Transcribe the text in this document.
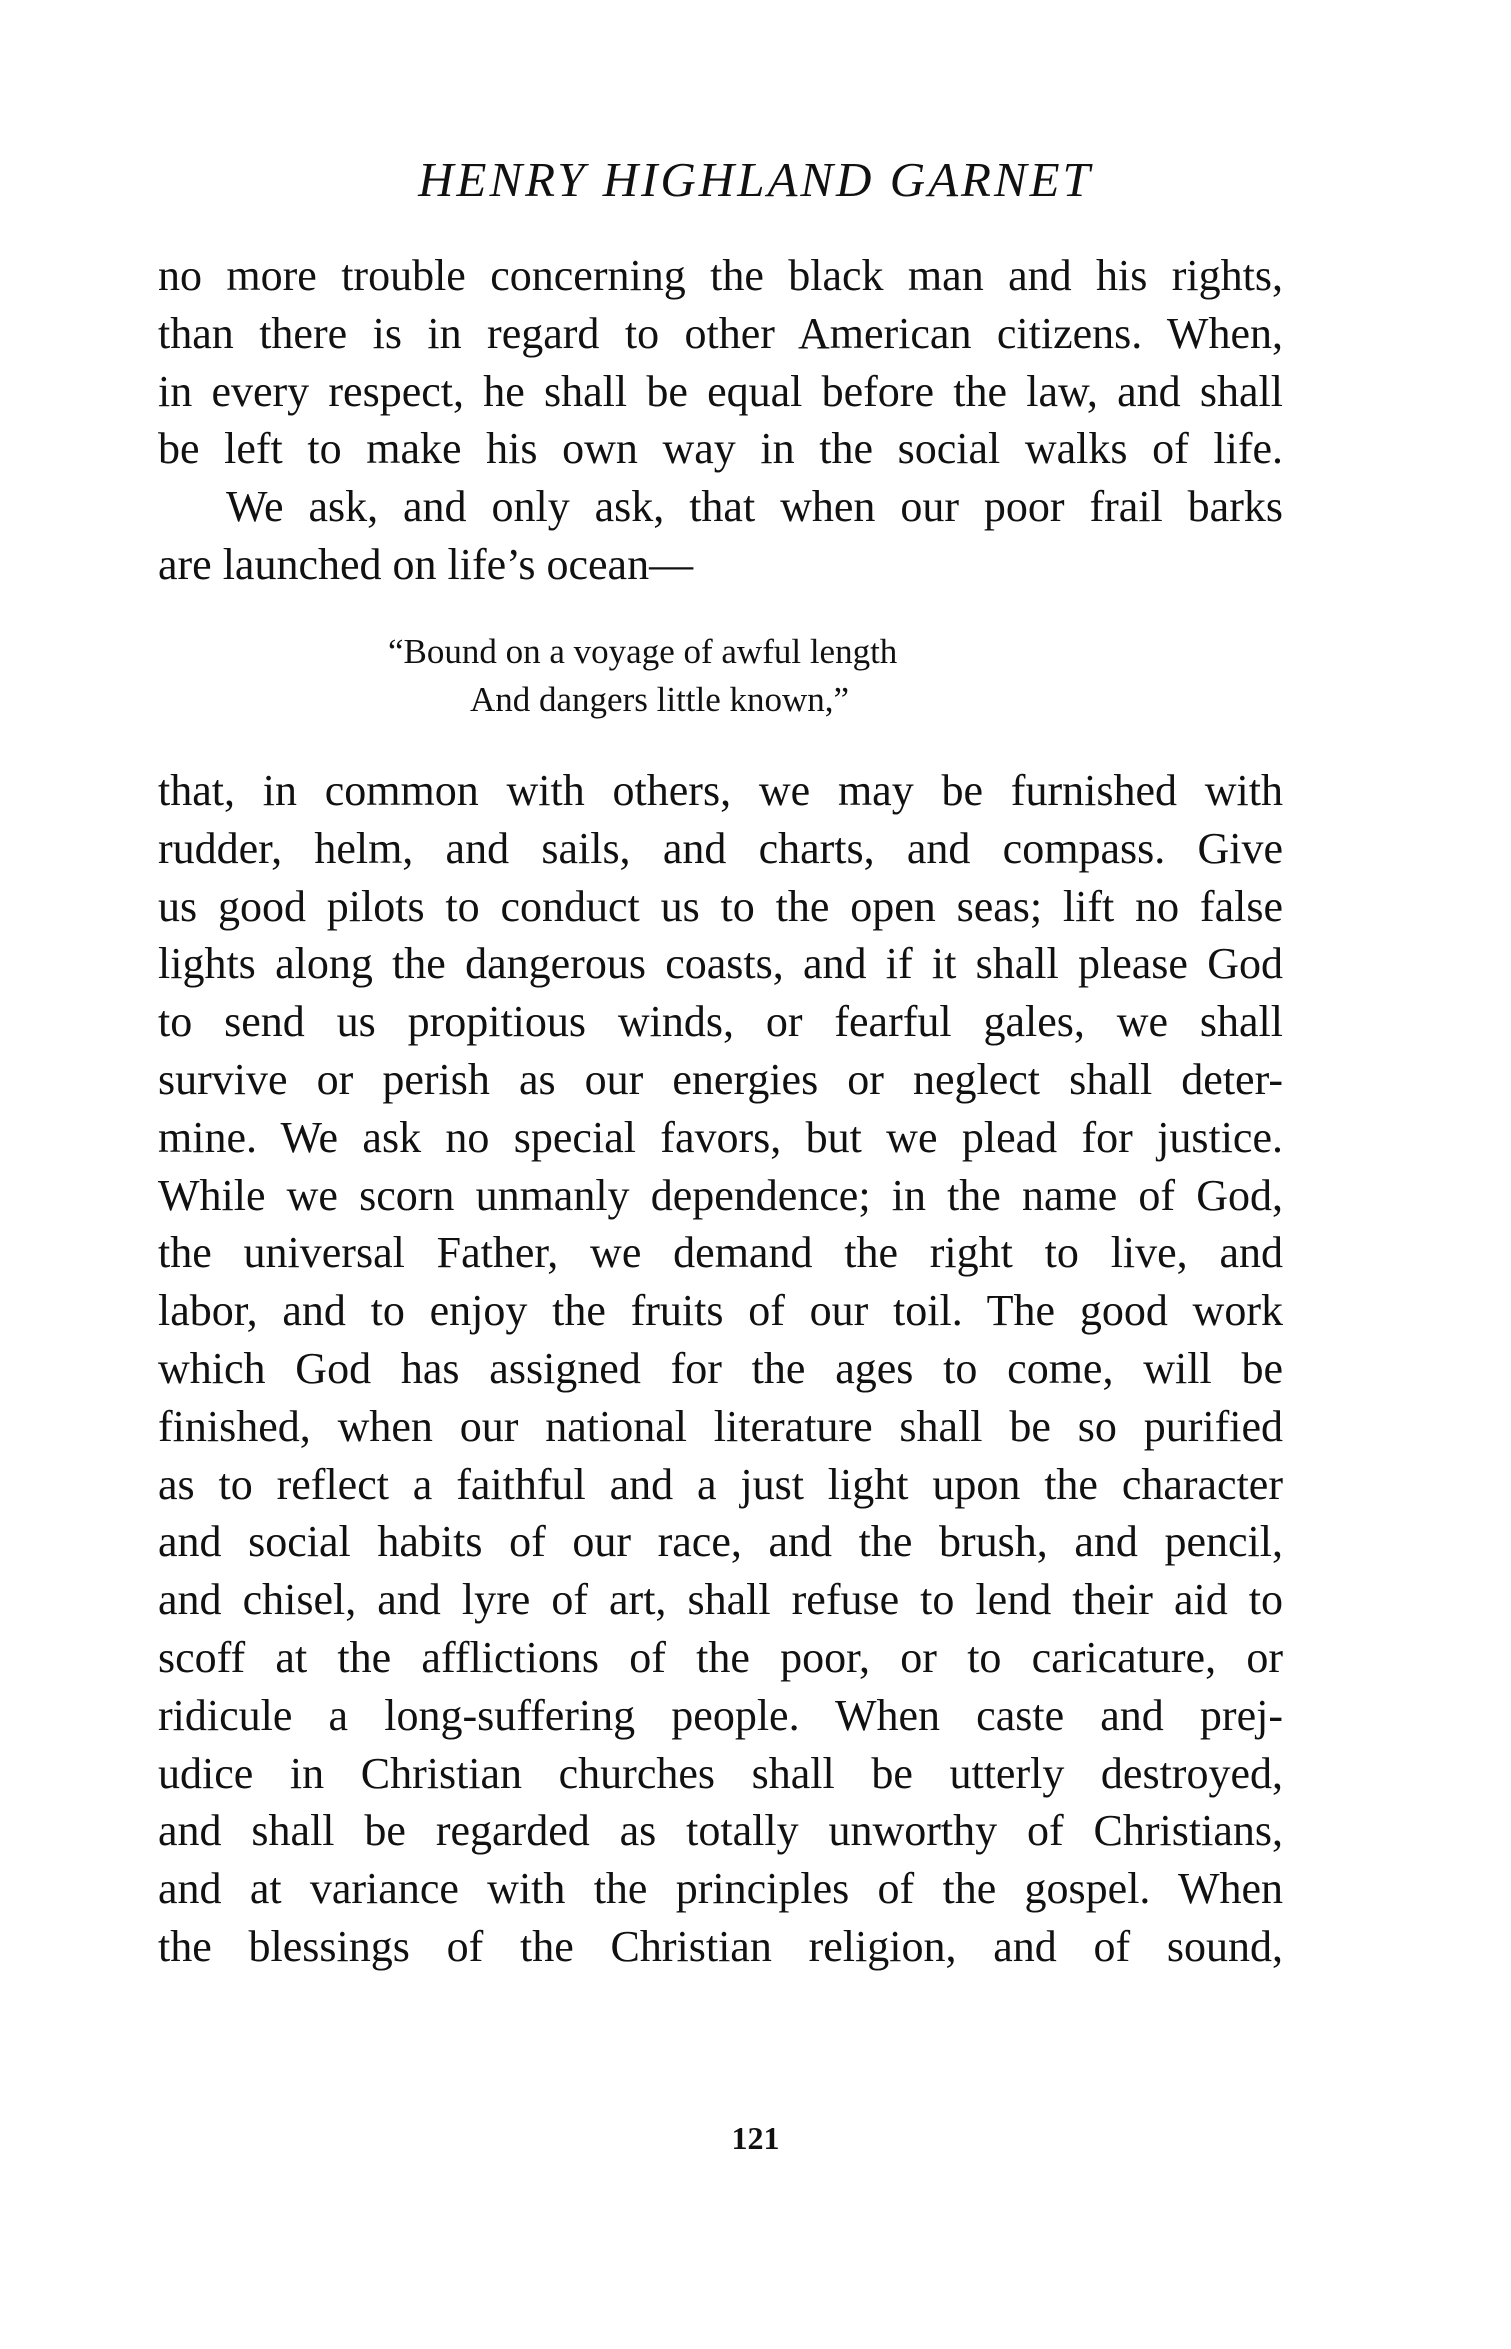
HENRY HIGHLAND GARNET
no more trouble concerning the black man and his rights,
than there is in regard to other American citizens. When,
in every respect, he shall be equal before the law, and shall
be left to make his own way in the social walks of life.
We ask, and only ask, that when our poor frail barks
are launched on life’s ocean—
“Bound on a voyage of awful length
And dangers little known,”
that, in common with others, we may be furnished with
rudder, helm, and sails, and charts, and compass. Give
us good pilots to conduct us to the open seas; lift no false
lights along the dangerous coasts, and if it shall please God
to send us propitious winds, or fearful gales, we shall
survive or perish as our energies or neglect shall deter-
mine. We ask no special favors, but we plead for justice.
While we scorn unmanly dependence; in the name of God,
the universal Father, we demand the right to live, and
labor, and to enjoy the fruits of our toil. The good work
which God has assigned for the ages to come, will be
finished, when our national literature shall be so purified
as to reflect a faithful and a just light upon the character
and social habits of our race, and the brush, and pencil,
and chisel, and lyre of art, shall refuse to lend their aid to
scoff at the afflictions of the poor, or to caricature, or
ridicule a long-suffering people. When caste and prej-
udice in Christian churches shall be utterly destroyed,
and shall be regarded as totally unworthy of Christians,
and at variance with the principles of the gospel. When
the blessings of the Christian religion, and of sound,
121
